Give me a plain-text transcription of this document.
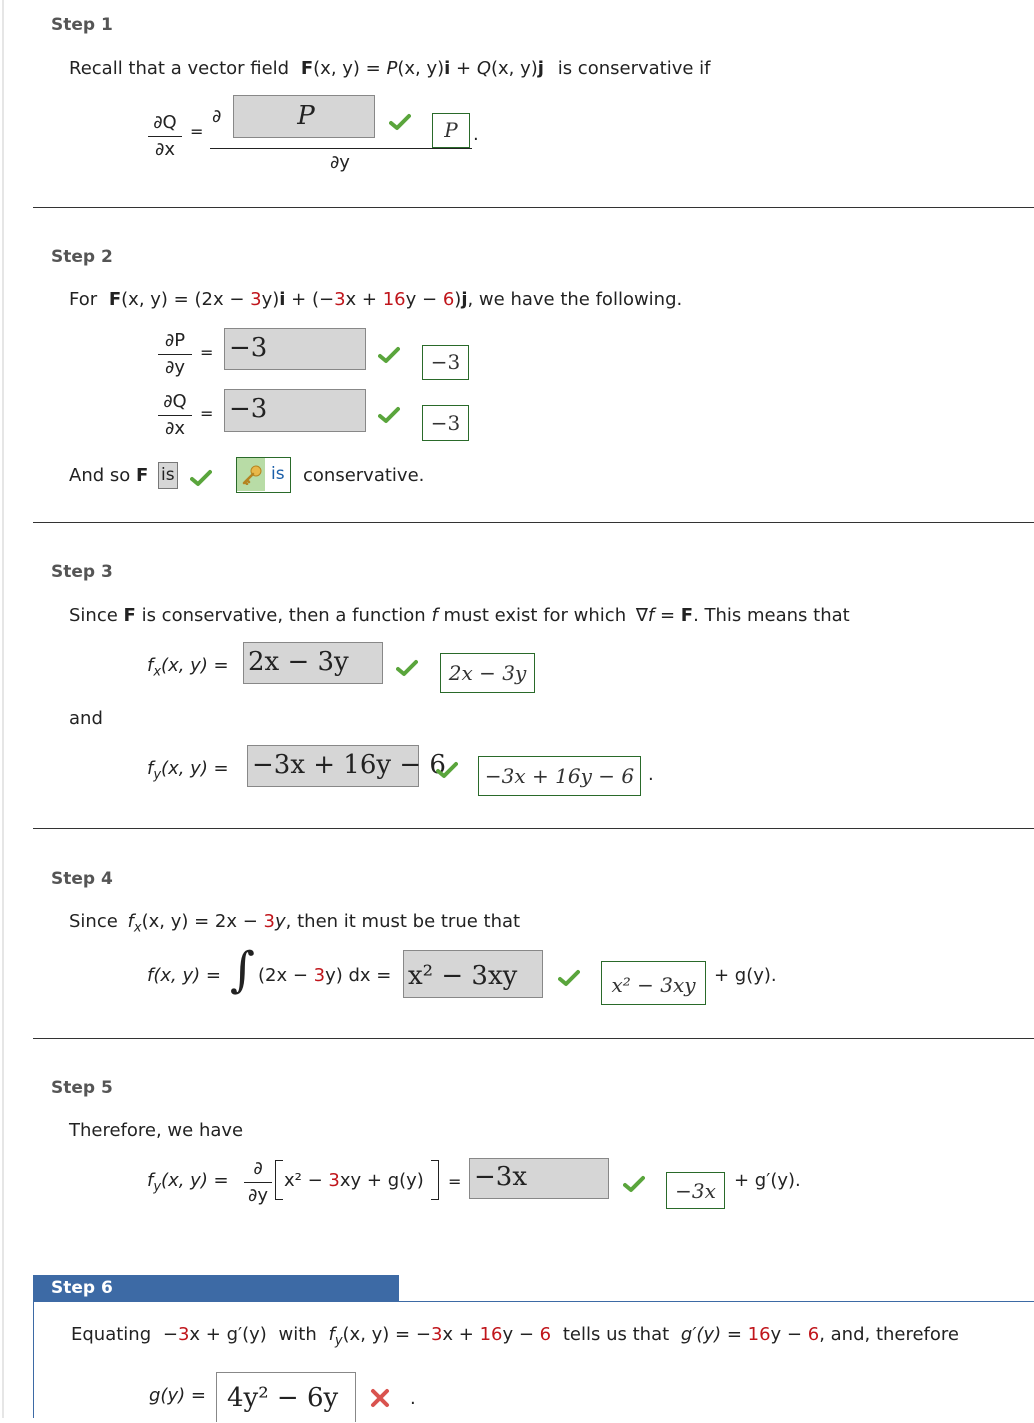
Step 1
Recall that a vector field F(x, y) = P(x, y)i + Q(x, y)j is conservative if
∂Q
∂x
=
∂	P
∂y
P .
Step 2
For F(x, y) = (2x − 3y)i + (−3x + 16y − 6)j, we have the following.
∂P
∂y
= −3	−3
∂Q
∂x
= −3	−3
And so F is	is conservative.
Step 3
Since F is conservative, then a function f must exist for which ∇f = F. This means that
$f_x(x$, y) = 2x − 3y	2x − 3y
and
$f_y(x$, y) = −3x + 16y − 6	−3x + 16y − 6 .
Step 4
Since $f_x(x$, y) = 2x − 3y, then it must be true that
f(x, y) = ∫ (2x − 3y) dx = x² − 3xy	x² − 3xy	+ g(y).
Step 5
Therefore, we have
$f_y(x$, y) =
∂
∂y
x² − 3xy + g(y) = −3x	−3x	+ g′(y).
Step 6
Equating −3x + g′(y) with $f_y(x$, y) = −3x + 16y − 6 tells us that g′(y) = 16y − 6, and, therefore
g(y) = 4y² − 6y	.
